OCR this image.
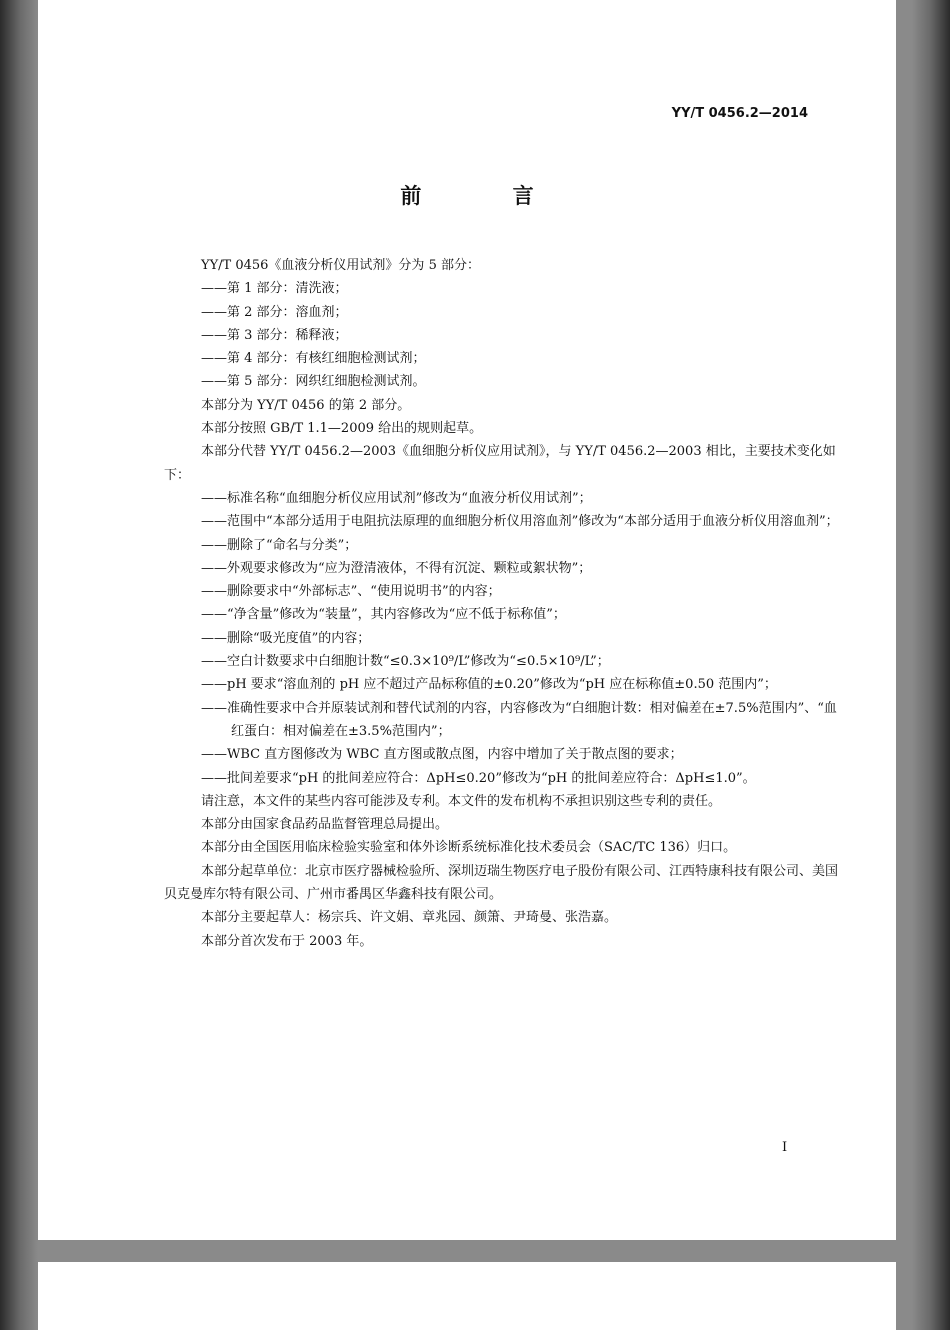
YY/T 0456.2—2014
前 言

YY/T 0456《血液分析仪用试剂》分为 5 部分：

——第 1 部分：清洗液；

——第 2 部分：溶血剂；

——第 3 部分：稀释液；

——第 4 部分：有核红细胞检测试剂；

——第 5 部分：网织红细胞检测试剂。

本部分为 YY/T 0456 的第 2 部分。

本部分按照 GB/T 1.1—2009 给出的规则起草。

本部分代替 YY/T 0456.2—2003《血细胞分析仪应用试剂》，与 YY/T 0456.2—2003 相比，主要技术变化如下：

——标准名称“血细胞分析仪应用试剂”修改为“血液分析仪用试剂”；

——范围中“本部分适用于电阻抗法原理的血细胞分析仪用溶血剂”修改为“本部分适用于血液分析仪用溶血剂”；

——删除了“命名与分类”；

——外观要求修改为“应为澄清液体，不得有沉淀、颗粒或絮状物”；

——删除要求中“外部标志”、“使用说明书”的内容；

——“净含量”修改为“装量”，其内容修改为“应不低于标称值”；

——删除“吸光度值”的内容；

——空白计数要求中白细胞计数“≤0.3×10⁹/L”修改为“≤0.5×10⁹/L”；

——pH 要求“溶血剂的 pH 应不超过产品标称值的±0.20”修改为“pH 应在标称值±0.50 范围内”；

——准确性要求中合并原装试剂和替代试剂的内容，内容修改为“白细胞计数：相对偏差在±7.5%范围内”、“血红蛋白：相对偏差在±3.5%范围内”；

——WBC 直方图修改为 WBC 直方图或散点图，内容中增加了关于散点图的要求；

——批间差要求“pH 的批间差应符合：ΔpH≤0.20”修改为“pH 的批间差应符合：ΔpH≤1.0”。

请注意，本文件的某些内容可能涉及专利。本文件的发布机构不承担识别这些专利的责任。

本部分由国家食品药品监督管理总局提出。

本部分由全国医用临床检验实验室和体外诊断系统标准化技术委员会（SAC/TC 136）归口。

本部分起草单位：北京市医疗器械检验所、深圳迈瑞生物医疗电子股份有限公司、江西特康科技有限公司、美国贝克曼库尔特有限公司、广州市番禺区华鑫科技有限公司。

本部分主要起草人：杨宗兵、许文娟、章兆园、颜箫、尹琦曼、张浩嘉。

本部分首次发布于 2003 年。

I
